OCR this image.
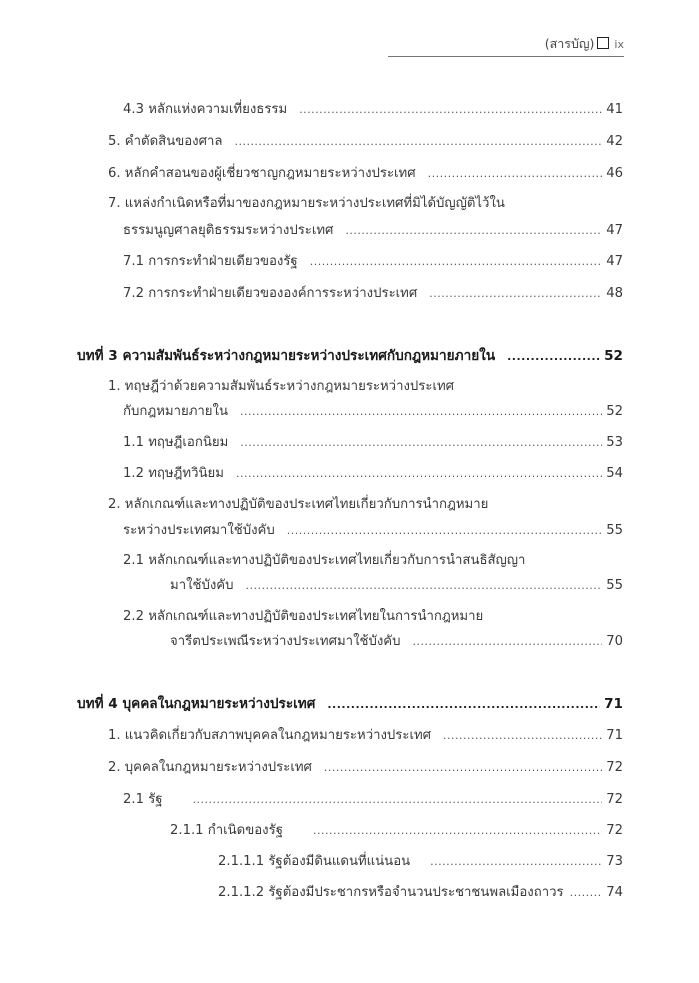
(สารบัญ) ix
4.3 หลักแห่งความเที่ยงธรรม .....	41
5. คำตัดสินของศาล .....	42
6. หลักคำสอนของผู้เชี่ยวชาญกฎหมายระหว่างประเทศ .....	46
7. แหล่งกำเนิดหรือที่มาของกฎหมายระหว่างประเทศที่มิได้บัญญัติไว้ใน
ธรรมนูญศาลยุติธรรมระหว่างประเทศ .....	47
7.1 การกระทำฝ่ายเดียวของรัฐ .....	47
7.2 การกระทำฝ่ายเดียวขององค์การระหว่างประเทศ .....	48
บทที่ 3 ความสัมพันธ์ระหว่างกฎหมายระหว่างประเทศกับกฎหมายภายใน .....	52
1. ทฤษฎีว่าด้วยความสัมพันธ์ระหว่างกฎหมายระหว่างประเทศ
กับกฎหมายภายใน .....	52
1.1 ทฤษฎีเอกนิยม .....	53
1.2 ทฤษฎีทวินิยม .....	54
2. หลักเกณฑ์และทางปฏิบัติของประเทศไทยเกี่ยวกับการนำกฎหมาย
ระหว่างประเทศมาใช้บังคับ .....	55
2.1 หลักเกณฑ์และทางปฏิบัติของประเทศไทยเกี่ยวกับการนำสนธิสัญญา
มาใช้บังคับ .....	55
2.2 หลักเกณฑ์และทางปฏิบัติของประเทศไทยในการนำกฎหมาย
จารีตประเพณีระหว่างประเทศมาใช้บังคับ .....	70
บทที่ 4 บุคคลในกฎหมายระหว่างประเทศ .....	71
1. แนวคิดเกี่ยวกับสภาพบุคคลในกฎหมายระหว่างประเทศ .....	71
2. บุคคลในกฎหมายระหว่างประเทศ .....	72
2.1 รัฐ .....	72
2.1.1 กำเนิดของรัฐ .....	72
2.1.1.1 รัฐต้องมีดินแดนที่แน่นอน .....	73
2.1.1.2 รัฐต้องมีประชากรหรือจำนวนประชาชนพลเมืองถาวร .....	74
